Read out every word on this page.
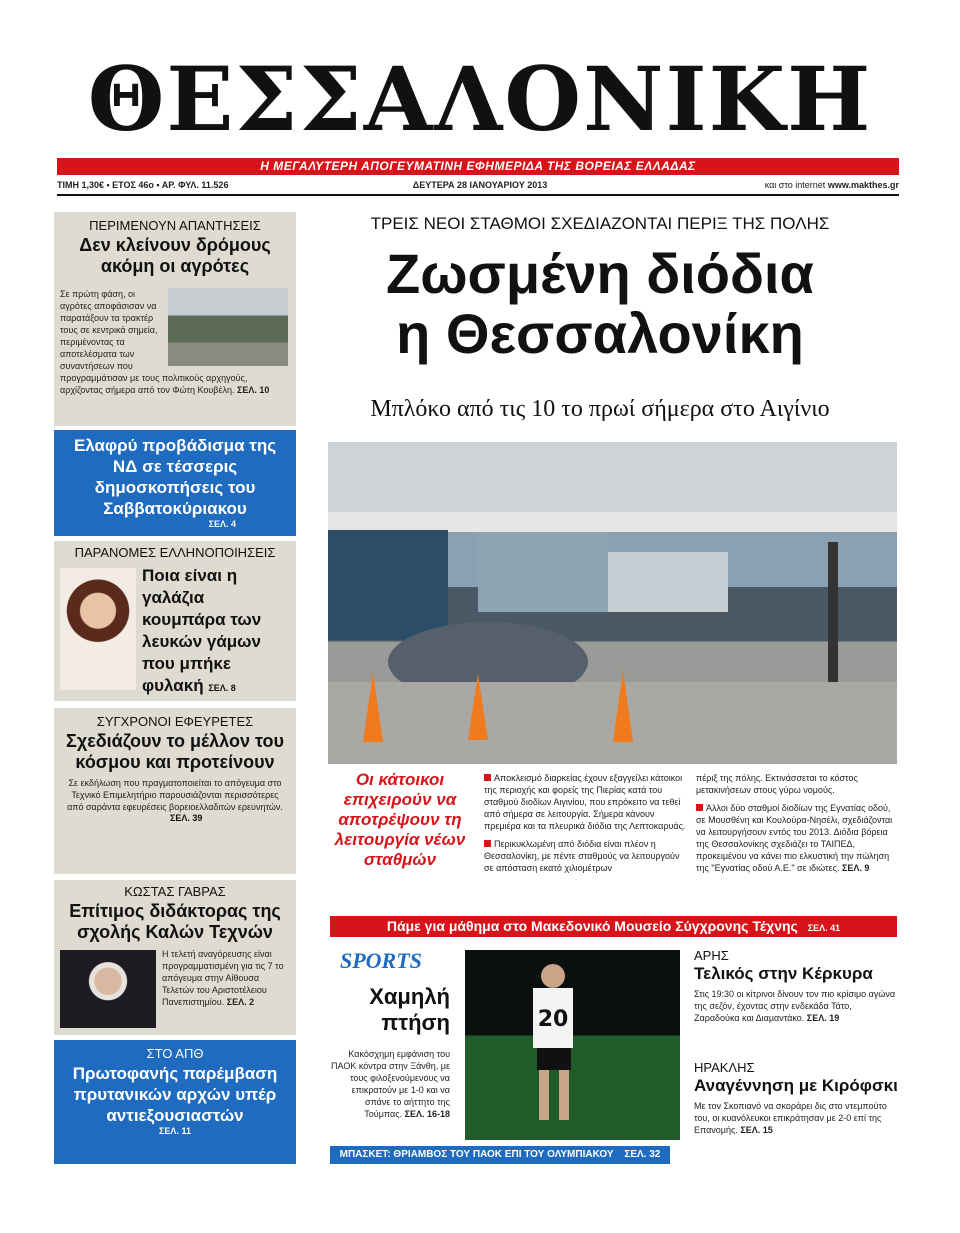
ΘΕΣΣΑΛΟΝΙΚΗ
Η ΜΕΓΑΛΥΤΕΡΗ ΑΠΟΓΕΥΜΑΤΙΝΗ ΕΦΗΜΕΡΙΔΑ ΤΗΣ ΒΟΡΕΙΑΣ ΕΛΛΑΔΑΣ
ΤΙΜΗ 1,30€ • ΕΤΟΣ 46ο • ΑΡ. ΦΥΛ. 11.526	ΔΕΥΤΕΡΑ 28 ΙΑΝΟΥΑΡΙΟΥ 2013	και στο internet www.makthes.gr
ΠΕΡΙΜΕΝΟΥΝ ΑΠΑΝΤΗΣΕΙΣ
Δεν κλείνουν δρόμους ακόμη οι αγρότες
Σε πρώτη φάση, οι αγρότες αποφάσισαν να παρατάξουν τα τρακτέρ τους σε κεντρικά σημεία, περιμένοντας τα αποτελέσματα των συναντήσεων που προγραμμάτισαν με τους πολιτικούς αρχηγούς, αρχίζοντας σήμερα από τον Φώτη Κουβέλη. ΣΕΛ. 10
Ελαφρύ προβάδισμα της ΝΔ σε τέσσερις δημοσκοπήσεις του Σαββατοκύριακου
ΣΕΛ. 4
ΠΑΡΑΝΟΜΕΣ ΕΛΛΗΝΟΠΟΙΗΣΕΙΣ
Ποια είναι η γαλάζια κουμπάρα των λευκών γάμων που μπήκε φυλακή ΣΕΛ. 8
ΣΥΓΧΡΟΝΟΙ ΕΦΕΥΡΕΤΕΣ
Σχεδιάζουν το μέλλον του κόσμου και προτείνουν
Σε εκδήλωση που πραγματοποιείται το απόγευμα στο Τεχνικό Επιμελητήριο παρουσιάζονται περισσότερες από σαράντα εφευρέσεις βορειοελλαδιτών ερευνητών.
ΣΕΛ. 39
ΚΩΣΤΑΣ ΓΑΒΡΑΣ
Επίτιμος διδάκτορας της σχολής Καλών Τεχνών
Η τελετή αναγόρευσης είναι προγραμματισμένη για τις 7 το απόγευμα στην Αίθουσα Τελετών του Αριστοτέλειου Πανεπιστημίου. ΣΕΛ. 2
ΣΤΟ ΑΠΘ
Πρωτοφανής παρέμβαση πρυτανικών αρχών υπέρ αντιεξουσιαστών
ΣΕΛ. 11
ΤΡΕΙΣ ΝΕΟΙ ΣΤΑΘΜΟΙ ΣΧΕΔΙΑΖΟΝΤΑΙ ΠΕΡΙΞ ΤΗΣ ΠΟΛΗΣ
Ζωσμένη διόδια
η Θεσσαλονίκη
Μπλόκο από τις 10 το πρωί σήμερα στο Αιγίνιο
Οι κάτοικοι επιχειρούν να αποτρέψουν τη λειτουργία νέων σταθμών

Αποκλεισμό διαρκείας έχουν εξαγγείλει κάτοικοι της περιοχής και φορείς της Πιερίας κατά του σταθμού διοδίων Αιγινίου, που επρόκειτο να τεθεί από σήμερα σε λειτουργία. Σήμερα κάνουν πρεμιέρα και τα πλευρικά διόδια της Λεπτοκαρυάς.

Περικυκλωμένη από διόδια είναι πλέον η Θεσσαλονίκη, με πέντε σταθμούς να λειτουργούν σε απόσταση εκατό χιλιομέτρων

πέριξ της πόλης. Εκτινάσσεται το κόστος μετακινήσεων στους γύρω νομούς.

Άλλοι δύο σταθμοί διοδίων της Εγνατίας οδού, σε Μουσθένη και Κουλούρα-Νησέλι, σχεδιάζονται να λειτουργήσουν εντός του 2013. Διόδια βόρεια της Θεσσαλονίκης σχεδιάζει το ΤΑΙΠΕΔ, προκειμένου να κάνει πιο ελκυστική την πώληση της "Εγνατίας οδού Α.Ε." σε ιδιώτες. ΣΕΛ. 9

Πάμε για μάθημα στο Μακεδονικό Μουσείο Σύγχρονης Τέχνης ΣΕΛ. 41
SPORTS
Χαμηλή πτήση
Κακόσχημη εμφάνιση του ΠΑΟΚ κόντρα στην Ξάνθη, με τους φιλοξενούμενους να επικρατούν με 1-0 και να σπάνε το αήττητο της Τούμπας. ΣΕΛ. 16-18
20
ΜΠΑΣΚΕΤ: ΘΡΙΑΜΒΟΣ ΤΟΥ ΠΑΟΚ ΕΠΙ ΤΟΥ ΟΛΥΜΠΙΑΚΟΥ ΣΕΛ. 32
ΑΡΗΣ
Τελικός στην Κέρκυρα
Στις 19:30 οι κίτρινοι δίνουν τον πιο κρίσιμο αγώνα της σεζόν, έχοντας στην ενδεκάδα Τάτο, Ζαραδούκα και Διαμαντάκο. ΣΕΛ. 19
ΗΡΑΚΛΗΣ
Αναγέννηση με Κιρόφσκι
Με τον Σκοπιανό να σκοράρει δις στο ντεμπούτο του, οι κυανόλευκοι επικράτησαν με 2-0 επί της Επανομής. ΣΕΛ. 15
